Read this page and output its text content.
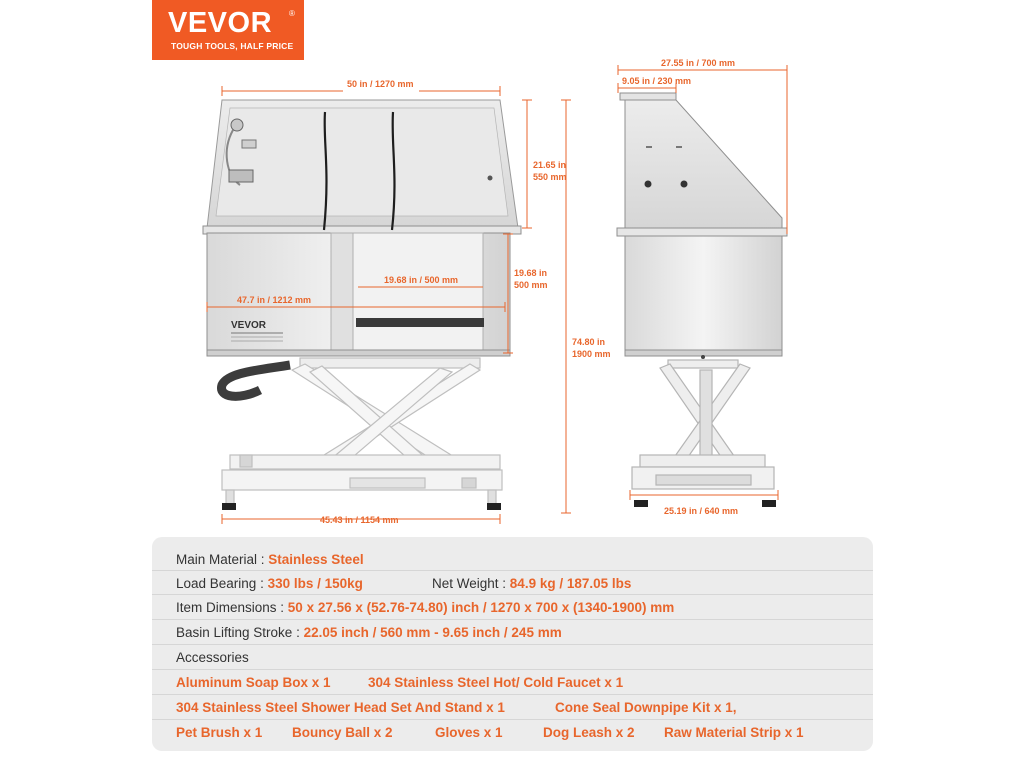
VEVOR ®
TOUGH TOOLS, HALF PRICE
VEVOR
50 in / 1270 mm
21.65 in
550 mm
19.68 in / 500 mm
19.68 in
500 mm
47.7 in / 1212 mm
74.80 in
1900 mm
45.43 in / 1154 mm
27.55 in / 700 mm
9.05 in / 230 mm
25.19 in / 640 mm
Main Material : Stainless Steel
Load Bearing : 330 lbs / 150kg	Net Weight : 84.9 kg / 187.05 lbs
Item Dimensions : 50 x 27.56 x (52.76-74.80) inch / 1270 x 700 x (1340-1900) mm
Basin Lifting Stroke : 22.05 inch / 560 mm - 9.65 inch / 245 mm
Accessories
Aluminum Soap Box x 1	304 Stainless Steel Hot/ Cold Faucet x 1
304 Stainless Steel Shower Head Set And Stand x 1	Cone Seal Downpipe Kit x 1,
Pet Brush x 1 Bouncy Ball x 2	Gloves x 1	Dog Leash x 2 Raw Material Strip x 1
